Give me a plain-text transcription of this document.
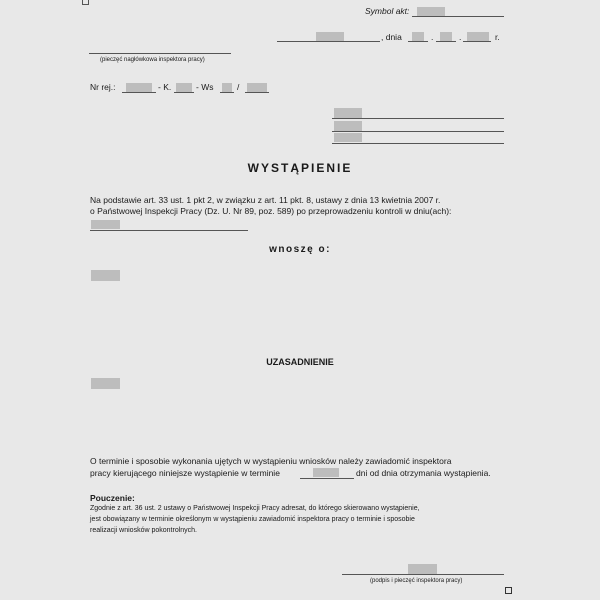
Symbol akt:
, dnia	.	.	r.
(pieczęć nagłówkowa inspektora pracy)
Nr rej.:	- K.	- Ws	/
WYSTĄPIENIE
Na podstawie art. 33 ust. 1 pkt 2, w związku z art. 11 pkt. 8, ustawy z dnia 13 kwietnia 2007 r.
o Państwowej Inspekcji Pracy (Dz. U. Nr 89, poz. 589) po przeprowadzeniu kontroli w dniu(ach):
wnoszę o:
UZASADNIENIE
O terminie i sposobie wykonania ujętych w wystąpieniu wniosków należy zawiadomić inspektora
pracy kierującego niniejsze wystąpienie w terminie	dni od dnia otrzymania wystąpienia.
Pouczenie:
Zgodnie z art. 36 ust. 2 ustawy o Państwowej Inspekcji Pracy adresat, do którego skierowano wystąpienie,
jest obowiązany w terminie określonym w wystąpieniu zawiadomić inspektora pracy o terminie i sposobie
realizacji wniosków pokontrolnych.
(podpis i pieczęć inspektora pracy)
